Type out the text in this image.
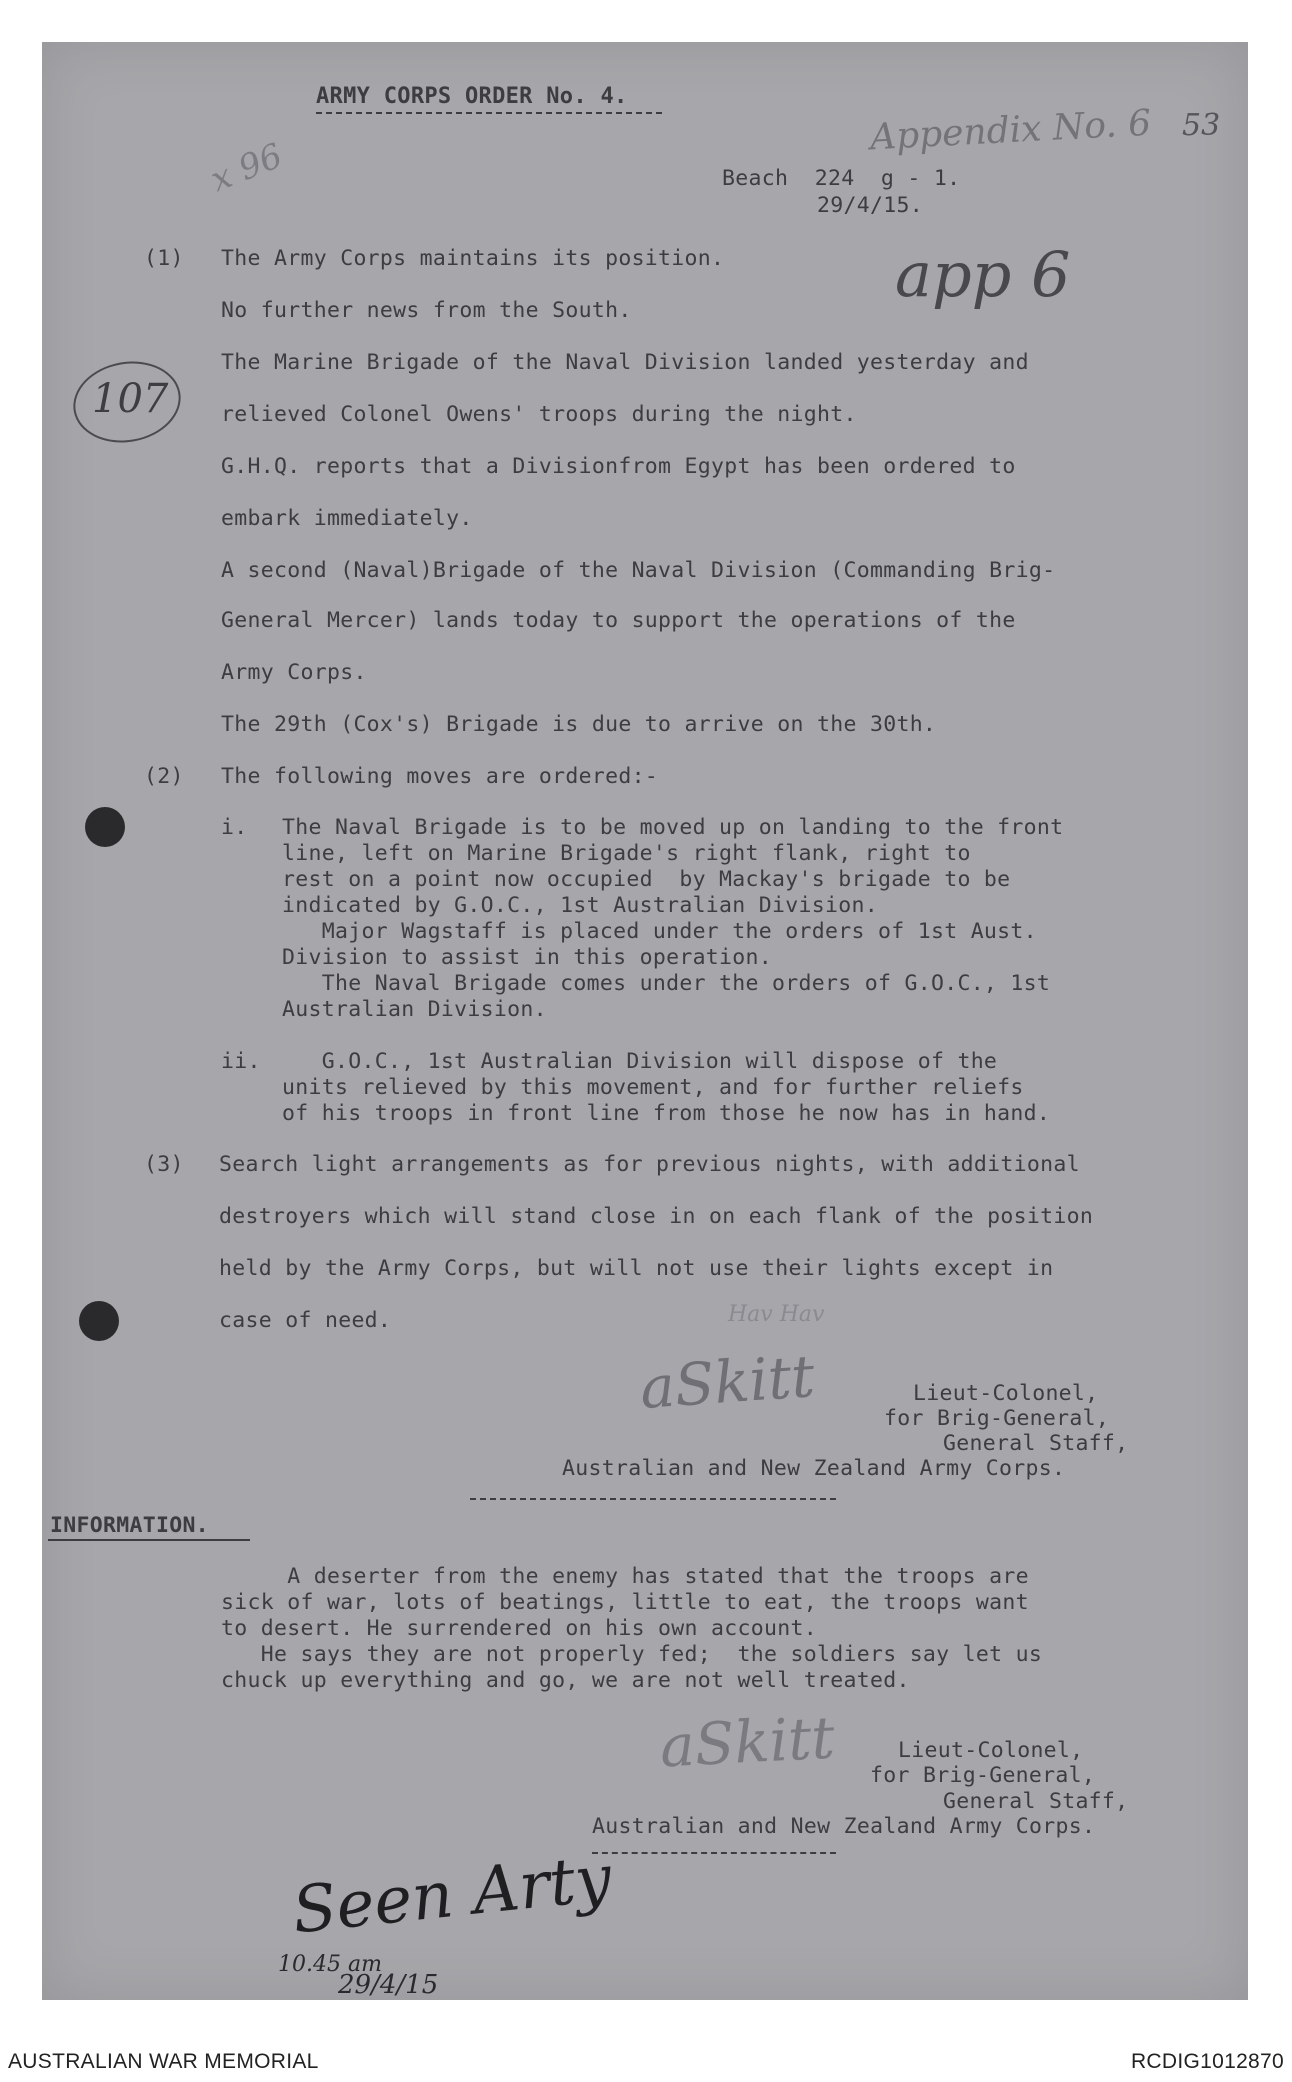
ARMY CORPS ORDER No. 4.
Appendix No. 6 53
x 96
app 6
107
Beach  224  g - 1.
29/4/15.
(1) The Army Corps maintains its position.
No further news from the South.
The Marine Brigade of the Naval Division landed yesterday and
relieved Colonel Owens' troops during the night.
G.H.Q. reports that a Divisionfrom Egypt has been ordered to
embark immediately.
A second (Naval)Brigade of the Naval Division (Commanding Brig-
General Mercer) lands today to support the operations of the
Army Corps.
The 29th (Cox's) Brigade is due to arrive on the 30th.
(2) The following moves are ordered:-
i. The Naval Brigade is to be moved up on landing to the front
line, left on Marine Brigade's right flank, right to
rest on a point now occupied  by Mackay's brigade to be
indicated by G.O.C., 1st Australian Division.
Major Wagstaff is placed under the orders of 1st Aust.
Division to assist in this operation.
The Naval Brigade comes under the orders of G.O.C., 1st
Australian Division.
ii. G.O.C., 1st Australian Division will dispose of the
units relieved by this movement, and for further reliefs
of his troops in front line from those he now has in hand.
(3) Search light arrangements as for previous nights, with additional
destroyers which will stand close in on each flank of the position
held by the Army Corps, but will not use their lights except in
case of need.	Hav Hav
aSkitt	Lieut-Colonel,
for Brig-General,
General Staff,
Australian and New Zealand Army Corps.
INFORMATION.
A deserter from the enemy has stated that the troops are
sick of war, lots of beatings, little to eat, the troops want
to desert. He surrendered on his own account.
He says they are not properly fed;  the soldiers say let us
chuck up everything and go, we are not well treated.
aSkitt	Lieut-Colonel,
for Brig-General,
General Staff,
Australian and New Zealand Army Corps.
Seen Arty
10.45 am
29/4/15
AUSTRALIAN WAR MEMORIAL	RCDIG1012870
